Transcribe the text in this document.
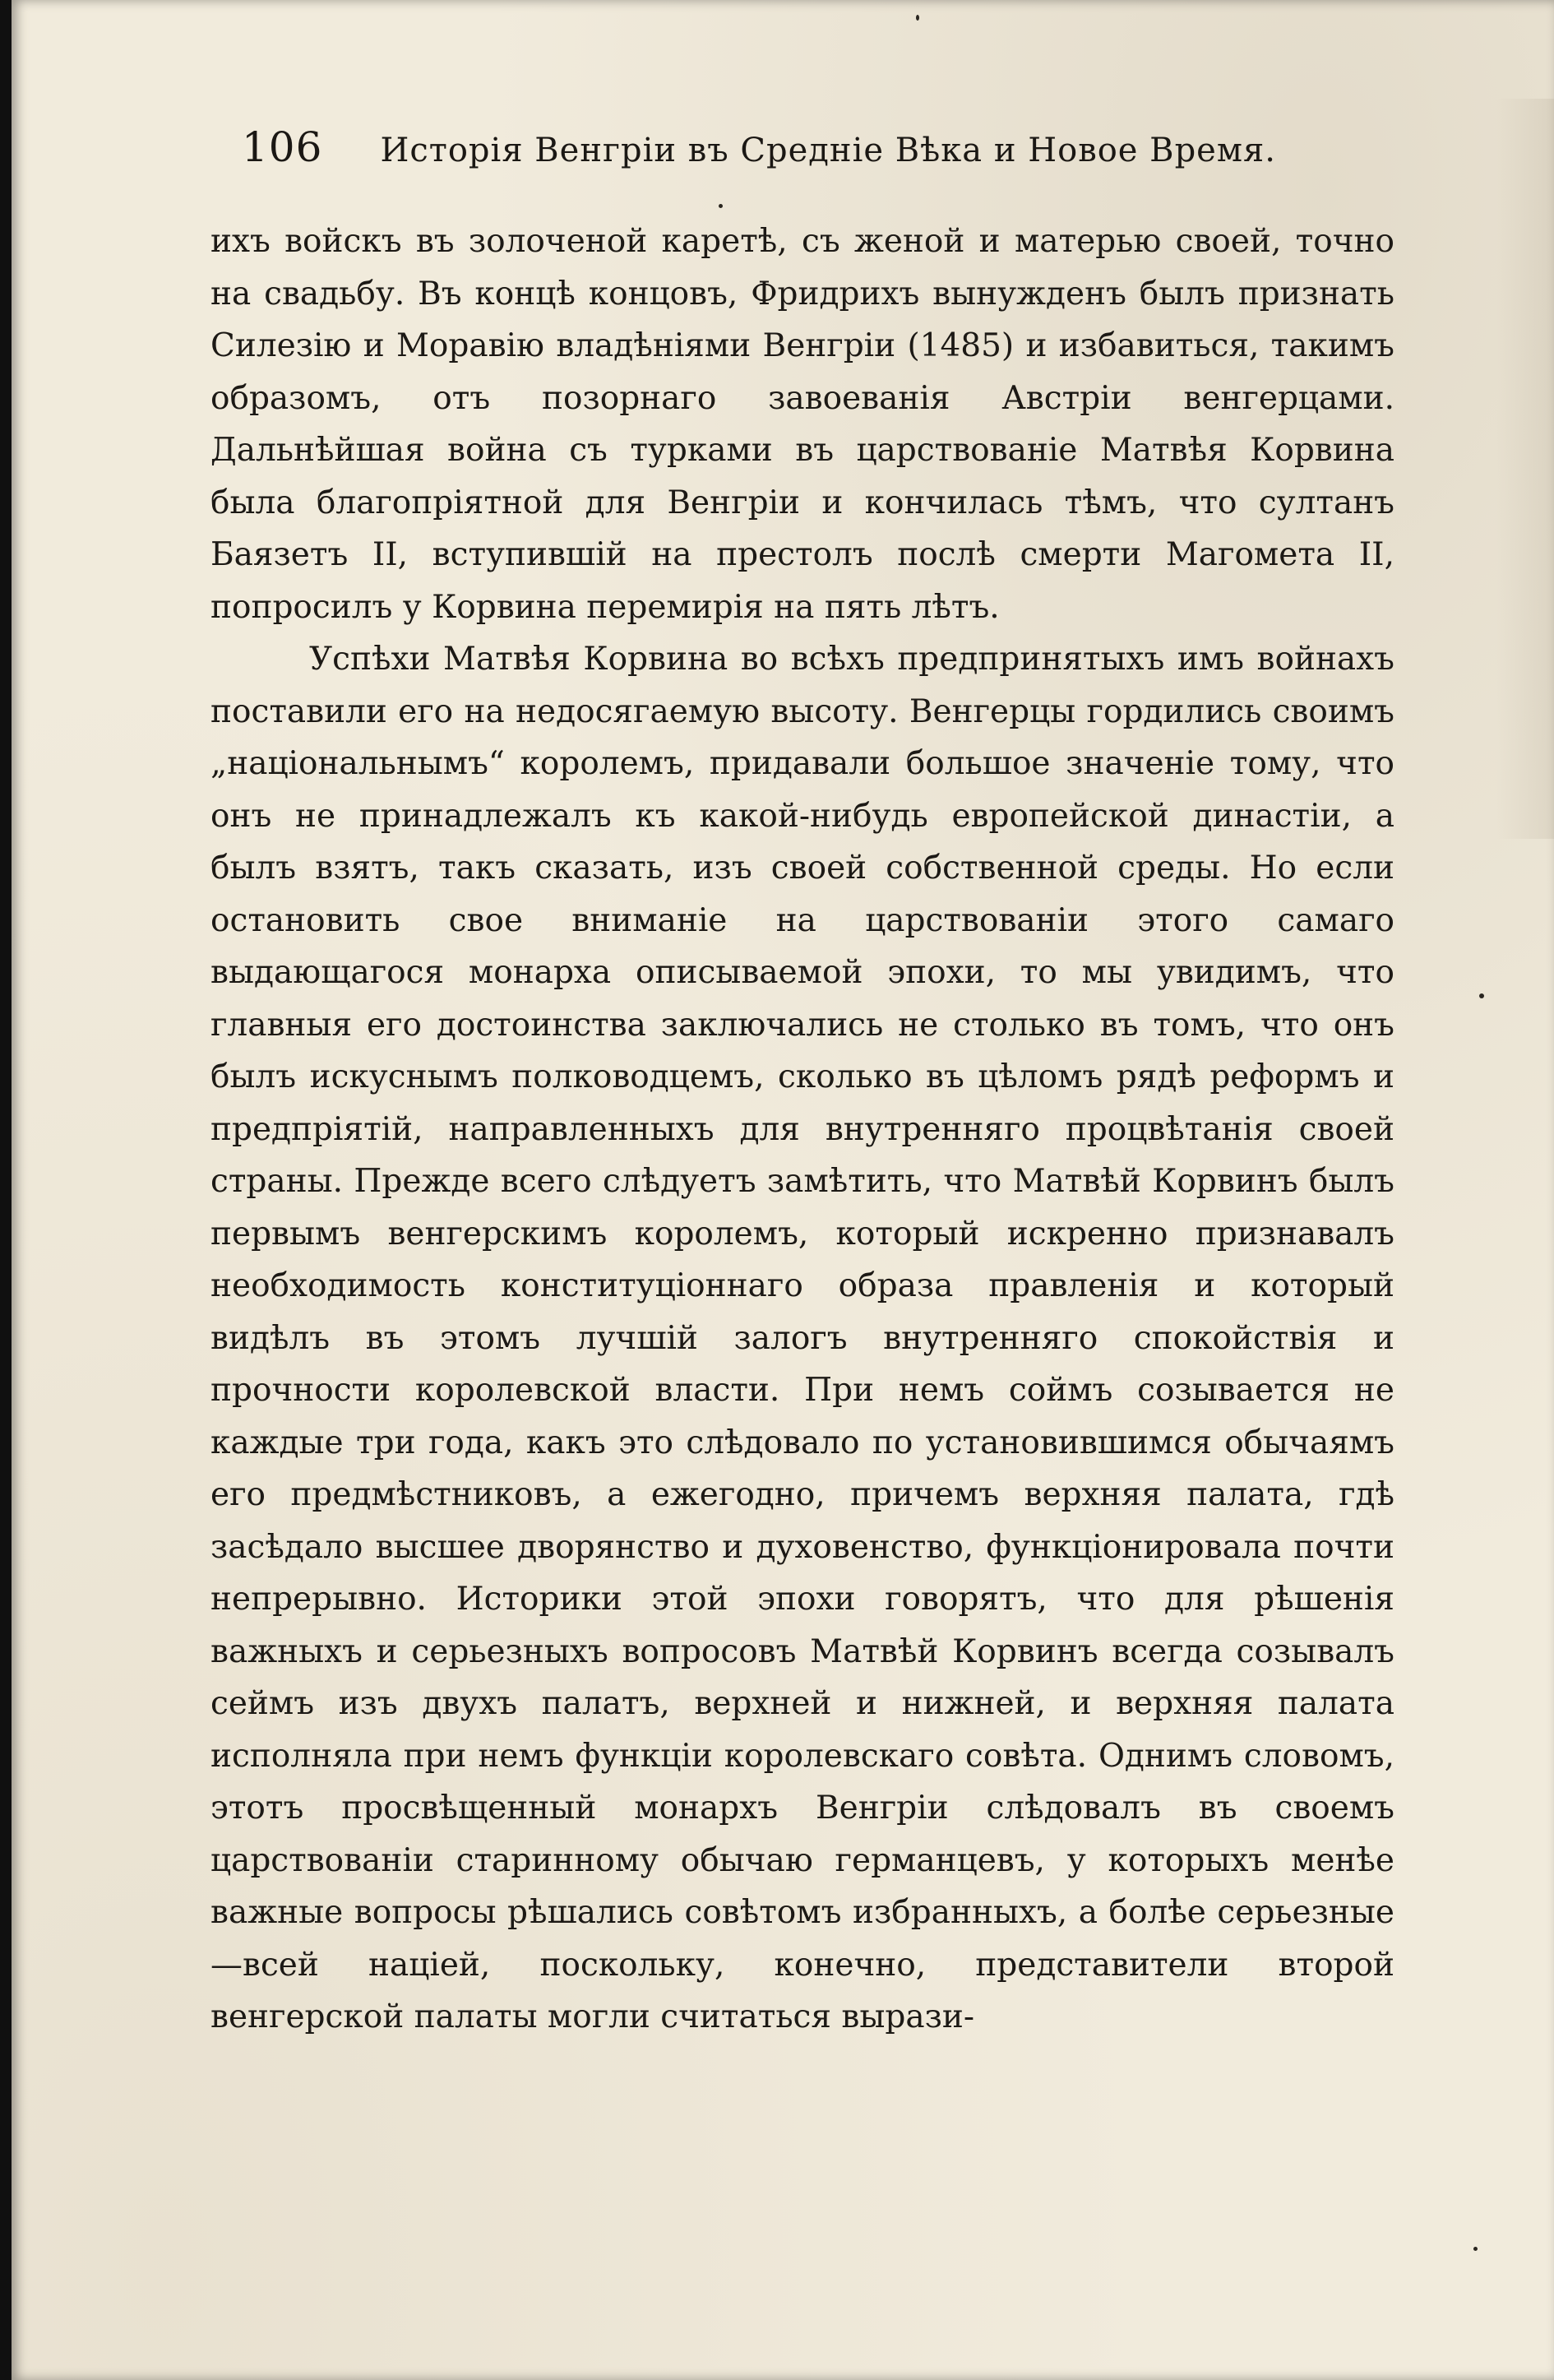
106 Исторія Венгріи въ Средніе Вѣка и Новое Время.

ихъ войскъ въ золоченой каретѣ, съ женой и матерью своей, точно на свадьбу. Въ концѣ концовъ, Фридрихъ вынужденъ былъ признать Силезію и Моравію владѣніями Венгріи (1485) и избавиться, такимъ образомъ, отъ позорнаго завоеванія Австріи венгерцами. Дальнѣйшая война съ турками въ царствованіе Матвѣя Корвина была благопріятной для Венгріи и кончилась тѣмъ, что султанъ Баязетъ II, вступившій на престолъ послѣ смерти Магомета II, попросилъ у Корвина перемирія на пять лѣтъ.

Успѣхи Матвѣя Корвина во всѣхъ предпринятыхъ имъ войнахъ поставили его на недосягаемую высоту. Венгерцы гордились своимъ „національнымъ“ королемъ, придавали большое значеніе тому, что онъ не принадлежалъ къ какой-нибудь европейской династіи, а былъ взятъ, такъ сказать, изъ своей собственной среды. Но если остановить свое вниманіе на царствованіи этого самаго выдающагося монарха описываемой эпохи, то мы увидимъ, что главныя его достоинства заключались не столько въ томъ, что онъ былъ искуснымъ полководцемъ, сколько въ цѣломъ рядѣ реформъ и предпріятій, направленныхъ для внутренняго процвѣтанія своей страны. Прежде всего слѣдуетъ замѣтить, что Матвѣй Корвинъ былъ первымъ венгерскимъ королемъ, который искренно признавалъ необходимость конституціоннаго образа правленія и который видѣлъ въ этомъ лучшій залогъ внутренняго спокойствія и прочности королевской власти. При немъ соймъ созывается не каждые три года, какъ это слѣдовало по установившимся обычаямъ его предмѣстниковъ, а ежегодно, причемъ верхняя палата, гдѣ засѣдало высшее дворянство и духовенство, функціонировала почти непрерывно. Историки этой эпохи говорятъ, что для рѣшенія важныхъ и серьезныхъ вопросовъ Матвѣй Корвинъ всегда созывалъ сеймъ изъ двухъ палатъ, верхней и нижней, и верхняя палата исполняла при немъ функціи королевскаго совѣта. Однимъ словомъ, этотъ просвѣщенный монархъ Венгріи слѣдовалъ въ своемъ царствованіи старинному обычаю германцевъ, у которыхъ менѣе важные вопросы рѣшались совѣтомъ избранныхъ, а болѣе серьезные—всей націей, поскольку, конечно, представители второй венгерской палаты могли считаться вырази-
